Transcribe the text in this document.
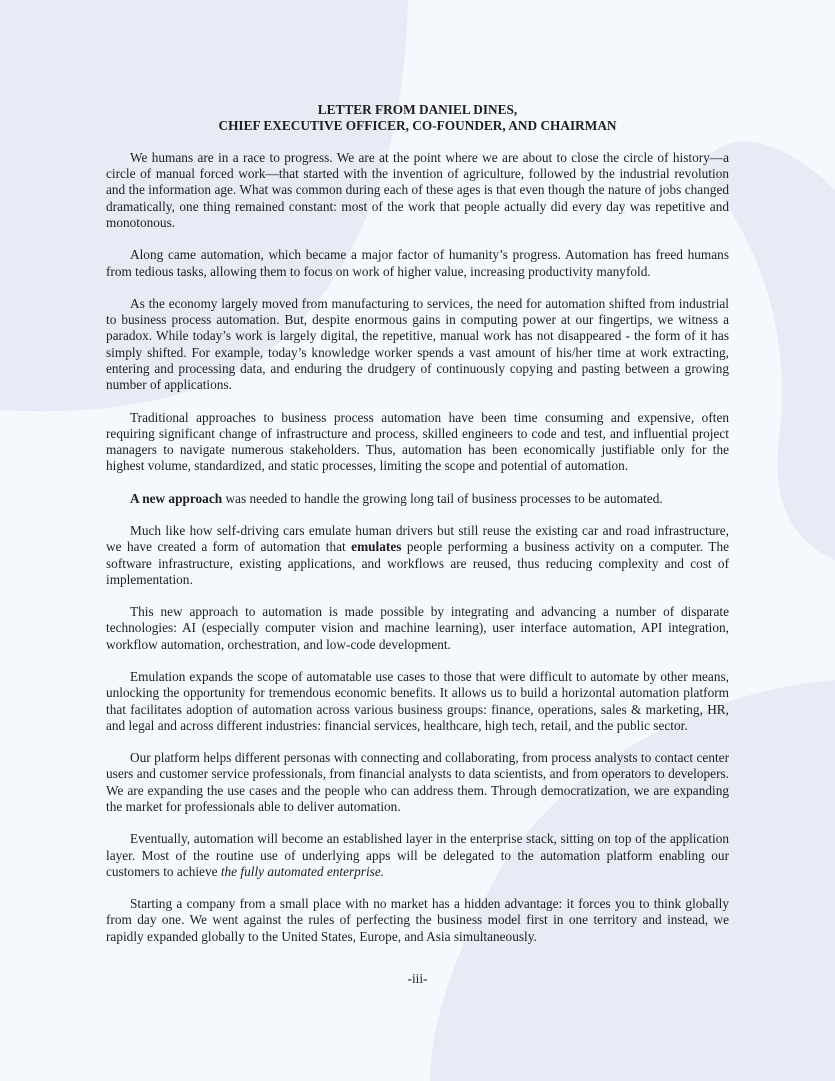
LETTER FROM DANIEL DINES,
CHIEF EXECUTIVE OFFICER, CO-FOUNDER, AND CHAIRMAN

We humans are in a race to progress. We are at the point where we are about to close the circle of history—a circle of manual forced work—that started with the invention of agriculture, followed by the industrial revolution and the information age. What was common during each of these ages is that even though the nature of jobs changed dramatically, one thing remained constant: most of the work that people actually did every day was repetitive and monotonous.

Along came automation, which became a major factor of humanity’s progress. Automation has freed humans from tedious tasks, allowing them to focus on work of higher value, increasing productivity manyfold.

As the economy largely moved from manufacturing to services, the need for automation shifted from industrial to business process automation. But, despite enormous gains in computing power at our fingertips, we witness a paradox. While today’s work is largely digital, the repetitive, manual work has not disappeared - the form of it has simply shifted. For example, today’s knowledge worker spends a vast amount of his/her time at work extracting, entering and processing data, and enduring the drudgery of continuously copying and pasting between a growing number of applications.

Traditional approaches to business process automation have been time consuming and expensive, often requiring significant change of infrastructure and process, skilled engineers to code and test, and influential project managers to navigate numerous stakeholders. Thus, automation has been economically justifiable only for the highest volume, standardized, and static processes, limiting the scope and potential of automation.

A new approach was needed to handle the growing long tail of business processes to be automated.

Much like how self-driving cars emulate human drivers but still reuse the existing car and road infrastructure, we have created a form of automation that emulates people performing a business activity on a computer. The software infrastructure, existing applications, and workflows are reused, thus reducing complexity and cost of implementation.

This new approach to automation is made possible by integrating and advancing a number of disparate technologies: AI (especially computer vision and machine learning), user interface automation, API integration, workflow automation, orchestration, and low-code development.

Emulation expands the scope of automatable use cases to those that were difficult to automate by other means, unlocking the opportunity for tremendous economic benefits. It allows us to build a horizontal automation platform that facilitates adoption of automation across various business groups: finance, operations, sales & marketing, HR, and legal and across different industries: financial services, healthcare, high tech, retail, and the public sector.

Our platform helps different personas with connecting and collaborating, from process analysts to contact center users and customer service professionals, from financial analysts to data scientists, and from operators to developers. We are expanding the use cases and the people who can address them. Through democratization, we are expanding the market for professionals able to deliver automation.

Eventually, automation will become an established layer in the enterprise stack, sitting on top of the application layer. Most of the routine use of underlying apps will be delegated to the automation platform enabling our customers to achieve the fully automated enterprise.

Starting a company from a small place with no market has a hidden advantage: it forces you to think globally from day one. We went against the rules of perfecting the business model first in one territory and instead, we rapidly expanded globally to the United States, Europe, and Asia simultaneously.

-iii-
